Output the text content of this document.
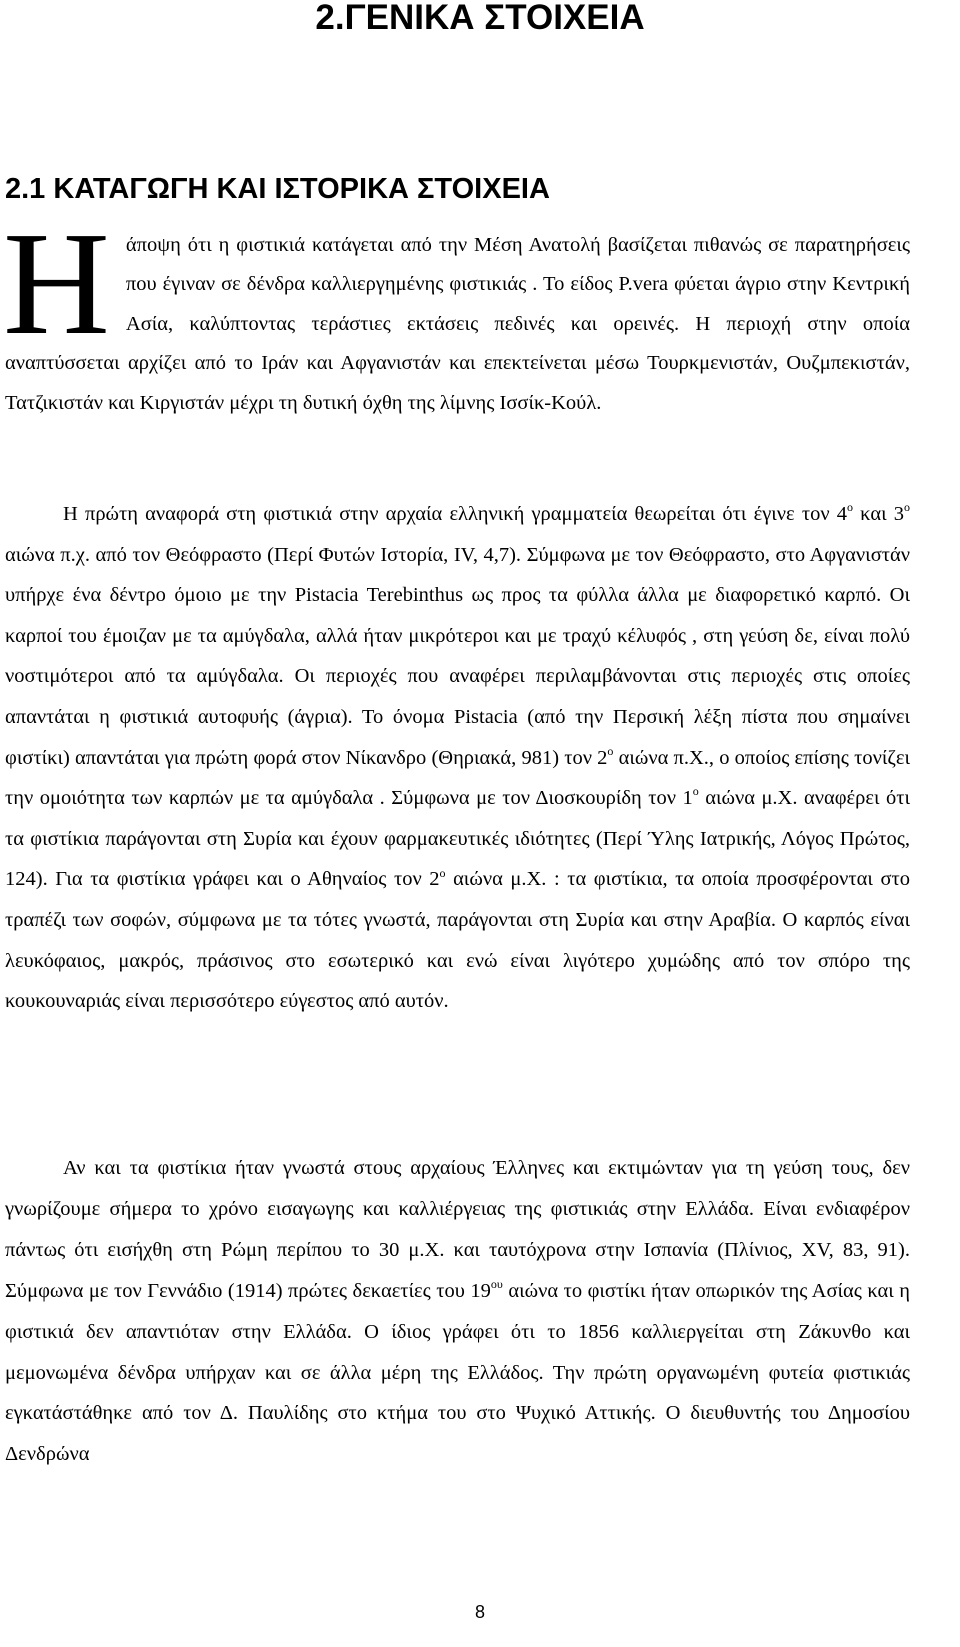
2.ΓΕΝΙΚΑ ΣΤΟΙΧΕΙΑ
2.1 ΚΑΤΑΓΩΓΗ ΚΑΙ ΙΣΤΟΡΙΚΑ ΣΤΟΙΧΕΙΑ

Ηάποψη ότι η φιστικιά κατάγεται από την Μέση Ανατολή βασίζεται πιθανώς σε παρατηρήσεις που έγιναν σε δένδρα καλλιεργημένης φιστικιάς . Το είδος P.vera φύεται άγριο στην Κεντρική Ασία, καλύπτοντας τεράστιες εκτάσεις πεδινές και ορεινές. Η περιοχή στην οποία αναπτύσσεται αρχίζει από το Ιράν και Αφγανιστάν και επεκτείνεται μέσω Τουρκμενιστάν, Ουζμπεκιστάν, Τατζικιστάν και Κιργιστάν μέχρι τη δυτική όχθη της λίμνης Ισσίκ-Κούλ.

Η πρώτη αναφορά στη φιστικιά στην αρχαία ελληνική γραμματεία θεωρείται ότι έγινε τον $4^o$ και $3^o$ αιώνα π.χ. από τον Θεόφραστο (Περί Φυτών Ιστορία, IV, 4,7). Σύμφωνα με τον Θεόφραστο, στο Αφγανιστάν υπήρχε ένα δέντρο όμοιο με την Pistacia Terebinthus ως προς τα φύλλα άλλα με διαφορετικό καρπό. Οι καρποί του έμοιζαν με τα αμύγδαλα, αλλά ήταν μικρότεροι και με τραχύ κέλυφός , στη γεύση δε, είναι πολύ νοστιμότεροι από τα αμύγδαλα. Οι περιοχές που αναφέρει περιλαμβάνονται στις περιοχές στις οποίες απαντάται η φιστικιά αυτοφυής (άγρια). Το όνομα Pistacia (από την Περσική λέξη πίστα που σημαίνει φιστίκι) απαντάται για πρώτη φορά στον Νίκανδρο (Θηριακά, 981) τον $2^o$ αιώνα π.Χ., ο οποίος επίσης τονίζει την ομοιότητα των καρπών με τα αμύγδαλα . Σύμφωνα με τον Διοσκουρίδη τον $1^o$ αιώνα μ.Χ. αναφέρει ότι τα φιστίκια παράγονται στη Συρία και έχουν φαρμακευτικές ιδιότητες (Περί Ύλης Ιατρικής, Λόγος Πρώτος, 124). Για τα φιστίκια γράφει και ο Αθηναίος τον $2^o$ αιώνα μ.Χ. : τα φιστίκια, τα οποία προσφέρονται στο τραπέζι των σοφών, σύμφωνα με τα τότες γνωστά, παράγονται στη Συρία και στην Αραβία. Ο καρπός είναι λευκόφαιος, μακρός, πράσινος στο εσωτερικό και ενώ είναι λιγότερο χυμώδης από τον σπόρο της κουκουναριάς είναι περισσότερο εύγεστος από αυτόν.

Αν και τα φιστίκια ήταν γνωστά στους αρχαίους Έλληνες και εκτιμώνταν για τη γεύση τους, δεν γνωρίζουμε σήμερα το χρόνο εισαγωγης και καλλιέργειας της φιστικιάς στην Ελλάδα. Είναι ενδιαφέρον πάντως ότι εισήχθη στη Ρώμη περίπου το 30 μ.Χ. και ταυτόχρονα στην Ισπανία (Πλίνιος, XV, 83, 91). Σύμφωνα με τον Γεννάδιο (1914) πρώτες δεκαετίες του $19^{o\upsilon}$ αιώνα το φιστίκι ήταν οπωρικόν της Ασίας και η φιστικιά δεν απαντιόταν στην Ελλάδα. Ο ίδιος γράφει ότι το 1856 καλλιεργείται στη Ζάκυνθο και μεμονωμένα δένδρα υπήρχαν και σε άλλα μέρη της Ελλάδος. Την πρώτη οργανωμένη φυτεία φιστικιάς εγκατάστάθηκε από τον Δ. Παυλίδης στο κτήμα του στο Ψυχικό Αττικής. Ο διευθυντής του Δημοσίου Δενδρώνα

8
